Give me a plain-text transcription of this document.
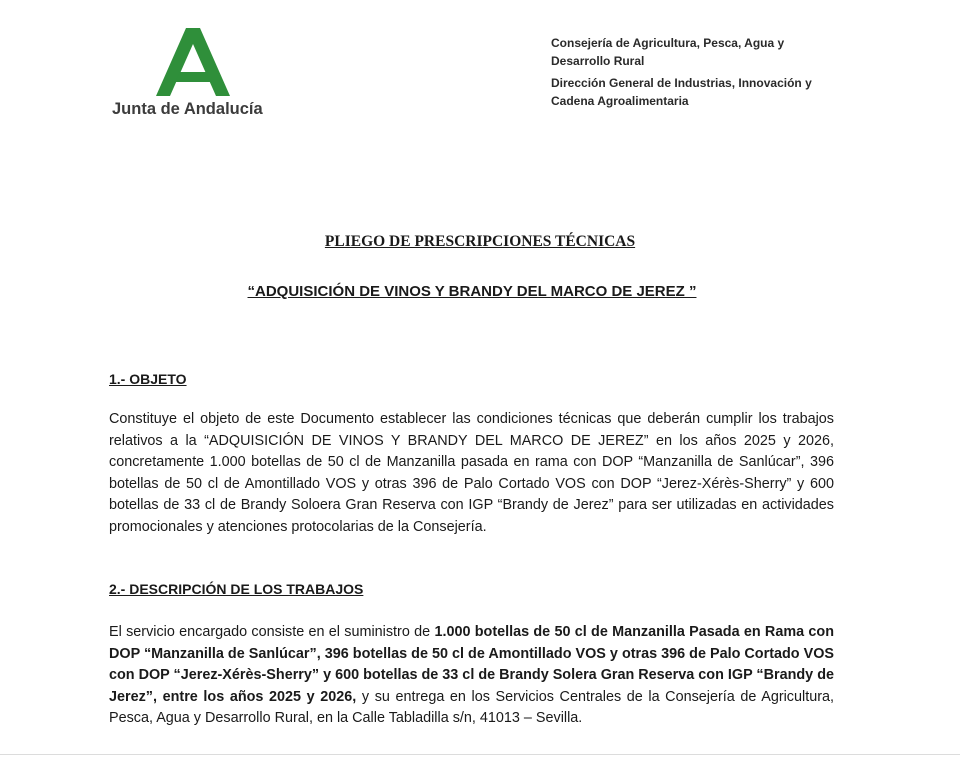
Junta de Andalucía

Consejería de Agricultura, Pesca, Agua y Desarrollo Rural

Dirección General de Industrias, Innovación y Cadena Agroalimentaria

PLIEGO DE PRESCRIPCIONES TÉCNICAS
“ADQUISICIÓN DE VINOS Y BRANDY DEL MARCO DE JEREZ ”
1.- OBJETO

Constituye el objeto de este Documento establecer las condiciones técnicas que deberán cumplir los trabajos relativos a la “ADQUISICIÓN DE VINOS Y BRANDY DEL MARCO DE JEREZ” en los años 2025 y 2026, concretamente 1.000 botellas de 50 cl de Manzanilla pasada en rama con DOP “Manzanilla de Sanlúcar”, 396 botellas de 50 cl de Amontillado VOS y otras 396 de Palo Cortado VOS con DOP “Jerez-Xérès-Sherry” y 600 botellas de 33 cl de Brandy Soloera Gran Reserva con IGP “Brandy de Jerez” para ser utilizadas en actividades promocionales y atenciones protocolarias de la Consejería.

2.- DESCRIPCIÓN DE LOS TRABAJOS

El servicio encargado consiste en el suministro de 1.000 botellas de 50 cl de Manzanilla Pasada en Rama con DOP “Manzanilla de Sanlúcar”, 396 botellas de 50 cl de Amontillado VOS y otras 396 de Palo Cortado VOS con DOP “Jerez-Xérès-Sherry” y 600 botellas de 33 cl de Brandy Solera Gran Reserva con IGP “Brandy de Jerez”, entre los años 2025 y 2026, y su entrega en los Servicios Centrales de la Consejería de Agricultura, Pesca, Agua y Desarrollo Rural, en la Calle Tabladilla s/n, 41013 – Sevilla.
